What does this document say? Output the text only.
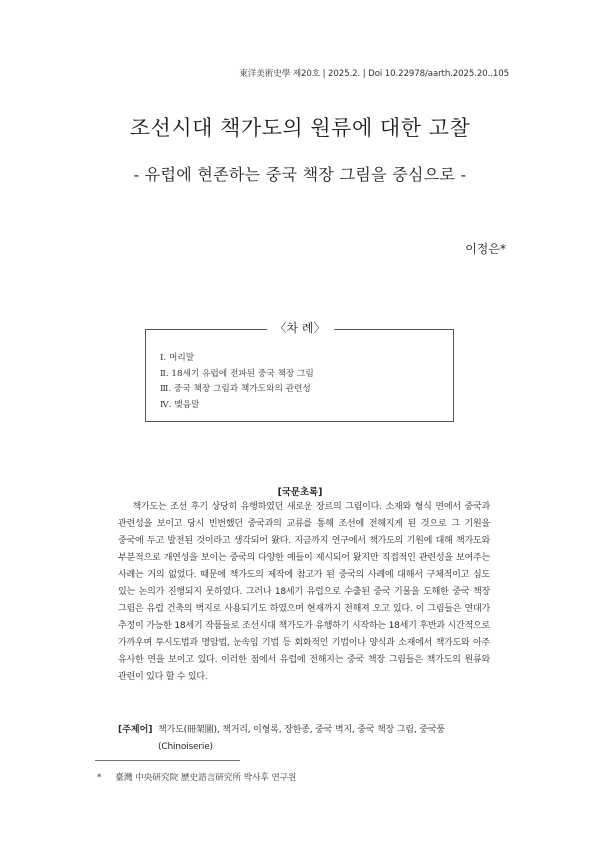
東洋美術史學 제20호 | 2025.2. | Doi 10.22978/aarth.2025.20..105
조선시대 책가도의 원류에 대한 고찰
- 유럽에 현존하는 중국 책장 그림을 중심으로 -
이정은*
〈차 례〉
Ⅰ. 머리말
Ⅱ. 18세기 유럽에 전파된 중국 책장 그림
Ⅲ. 중국 책장 그림과 책가도와의 관련성
Ⅳ. 맺음말
[국문초록]

책가도는 조선 후기 상당히 유행하였던 새로운 장르의 그림이다. 소재와 형식 면에서 중국과 관련성을 보이고 당시 빈번했던 중국과의 교류를 통해 조선에 전해지게 된 것으로 그 기원을 중국에 두고 발전된 것이라고 생각되어 왔다. 지금까지 연구에서 책가도의 기원에 대해 책가도와 부분적으로 개연성을 보이는 중국의 다양한 예들이 제시되어 왔지만 직접적인 관련성을 보여주는 사례는 거의 없었다. 때문에 책가도의 제작에 참고가 된 중국의 사례에 대해서 구체적이고 심도 있는 논의가 진행되지 못하였다. 그러나 18세기 유럽으로 수출된 중국 기물을 도해한 중국 책장 그림은 유럽 건축의 벽지로 사용되기도 하였으며 현재까지 전해져 오고 있다. 이 그림들은 연대가 추정이 가능한 18세기 작품들로 조선시대 책가도가 유행하기 시작하는 18세기 후반과 시간적으로 가까우며 투시도법과 명암법, 눈속임 기법 등 회화적인 기법이나 양식과 소재에서 책가도와 아주 유사한 면을 보이고 있다. 이러한 점에서 유럽에 전해지는 중국 책장 그림들은 책가도의 원류와 관련이 있다 할 수 있다.

[주제어] 책가도(冊架圖), 책거리, 이형록, 장한종, 중국 벽지, 중국 책장 그림, 중국풍 (Chinoiserie)
* 臺灣 中央研究院 歷史語言研究所 박사후 연구원
